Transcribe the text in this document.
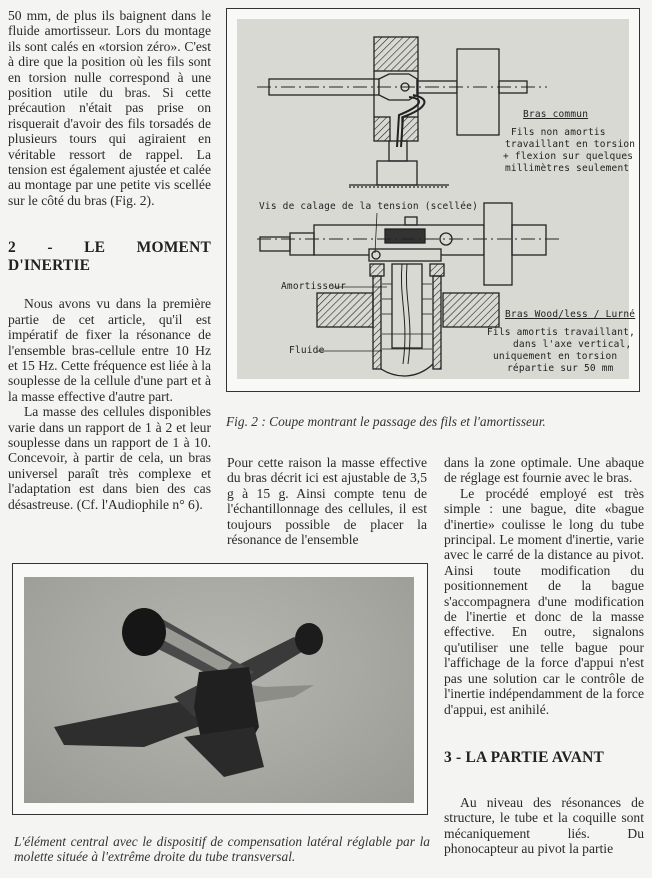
50 mm, de plus ils baignent dans le fluide amortisseur. Lors du montage ils sont calés en «torsion zéro». C'est à dire que la position où les fils sont en torsion nulle correspond à une position utile du bras. Si cette précaution n'était pas prise on risquerait d'avoir des fils torsadés de plusieurs tours qui agiraient en véritable ressort de rappel. La tension est également ajustée et calée au montage par une petite vis scellée sur le côté du bras (Fig. 2).

2 - LE MOMENT D'INERTIE

Nous avons vu dans la première partie de cet article, qu'il est impératif de fixer la résonance de l'ensemble bras-cellule entre 10 Hz et 15 Hz. Cette fréquence est liée à la souplesse de la cellule d'une part et à la masse effective d'autre part.

La masse des cellules disponibles varie dans un rapport de 1 à 2 et leur souplesse dans un rapport de 1 à 10. Concevoir, à partir de cela, un bras universel paraît très complexe et l'adaptation est dans bien des cas désastreuse. (Cf. l'Audiophile n° 6).

Bras commun
Fils non amortis
travaillant en torsion
+ flexion sur quelques
millimètres seulement
Vis de calage de la tension (scellée)
Amortisseur
Fluide
Bras Wood/less / Lurné
Fils amortis travaillant,
dans l'axe vertical,
uniquement en torsion
répartie sur 50 mm
Fig. 2 : Coupe montrant le passage des fils et l'amortisseur.

Pour cette raison la masse effective du bras décrit ici est ajustable de 3,5 g à 15 g. Ainsi compte tenu de l'échantillonnage des cellules, il est toujours possible de placer la résonance de l'ensemble

dans la zone optimale. Une abaque de réglage est fournie avec le bras.

Le procédé employé est très simple : une bague, dite «bague d'inertie» coulisse le long du tube principal. Le moment d'inertie, varie avec le carré de la distance au pivot. Ainsi toute modification du positionnement de la bague s'accompagnera d'une modification de l'inertie et donc de la masse effective. En outre, signalons qu'utiliser une telle bague pour l'affichage de la force d'appui n'est pas une solution car le contrôle de l'inertie indépendamment de la force d'appui, est anihilé.

3 - LA PARTIE AVANT

Au niveau des résonances de structure, le tube et la coquille sont mécaniquement liés. Du phonocapteur au pivot la partie

L'élément central avec le dispositif de compensation latéral réglable par la molette située à l'extrême droite du tube transversal.
